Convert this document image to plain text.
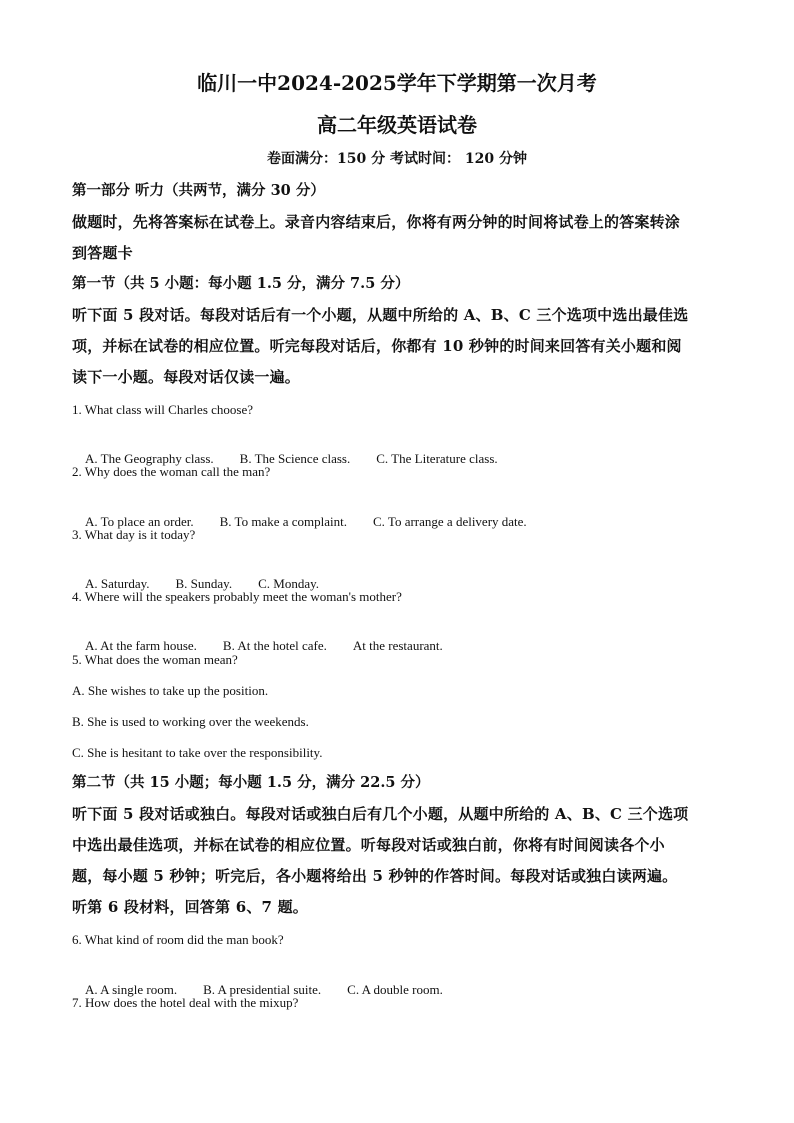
临川一中2024-2025学年下学期第一次月考
高二年级英语试卷
卷面满分：150 分 考试时间： 120 分钟
第一部分 听力（共两节，满分 30 分）
做题时，先将答案标在试卷上。录音内容结束后，你将有两分钟的时间将试卷上的答案转涂
到答题卡
第一节（共 5 小题：每小题 1.5 分，满分 7.5 分）
听下面 5 段对话。每段对话后有一个小题，从题中所给的 A、B、C 三个选项中选出最佳选
项，并标在试卷的相应位置。听完每段对话后，你都有 10 秒钟的时间来回答有关小题和阅
读下一小题。每段对话仅读一遍。
1. What class will Charles choose?

A. The Geography class. B. The Science class. C. The Literature class.

2. Why does the woman call the man?

A. To place an order. B. To make a complaint. C. To arrange a delivery date.

3. What day is it today?

A. Saturday. B. Sunday. C. Monday.

4. Where will the speakers probably meet the woman's mother?

A. At the farm house. B. At the hotel cafe. At the restaurant.

5. What does the woman mean?
A. She wishes to take up the position.
B. She is used to working over the weekends.
C. She is hesitant to take over the responsibility.
第二节（共 15 小题；每小题 1.5 分，满分 22.5 分）
听下面 5 段对话或独白。每段对话或独白后有几个小题，从题中所给的 A、B、C 三个选项
中选出最佳选项，并标在试卷的相应位置。听每段对话或独白前，你将有时间阅读各个小
题，每小题 5 秒钟；听完后，各小题将给出 5 秒钟的作答时间。每段对话或独白读两遍。
听第 6 段材料，回答第 6、7 题。
6. What kind of room did the man book?

A. A single room. B. A presidential suite. C. A double room.

7. How does the hotel deal with the mixup?
